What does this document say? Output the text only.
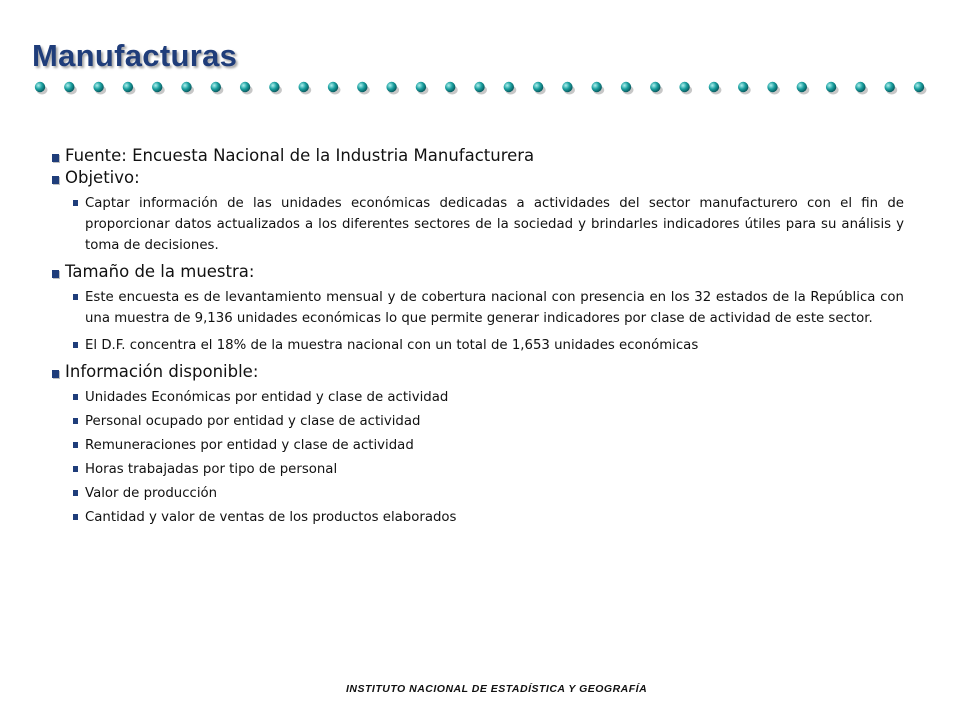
Manufacturas

Fuente: Encuesta Nacional de la Industria Manufacturera

Objetivo:

Captar información de las unidades económicas dedicadas a actividades del sector manufacturero con el fin de proporcionar datos actualizados a los diferentes sectores de la sociedad y brindarles indicadores útiles para su análisis y toma de decisiones.

Tamaño de la muestra:

Este encuesta es de levantamiento mensual y de cobertura nacional con presencia en los 32 estados de la República con una muestra de 9,136 unidades económicas lo que permite generar indicadores por clase de actividad de este sector.

El D.F. concentra el 18% de la muestra nacional con un total de 1,653 unidades económicas

Información disponible:

Unidades Económicas por entidad y clase de actividad

Personal ocupado por entidad y clase de actividad

Remuneraciones por entidad y clase de actividad

Horas trabajadas por tipo de personal

Valor de producción

Cantidad y valor de ventas de los productos elaborados

INSTITUTO NACIONAL DE ESTADÍSTICA Y GEOGRAFÍA
